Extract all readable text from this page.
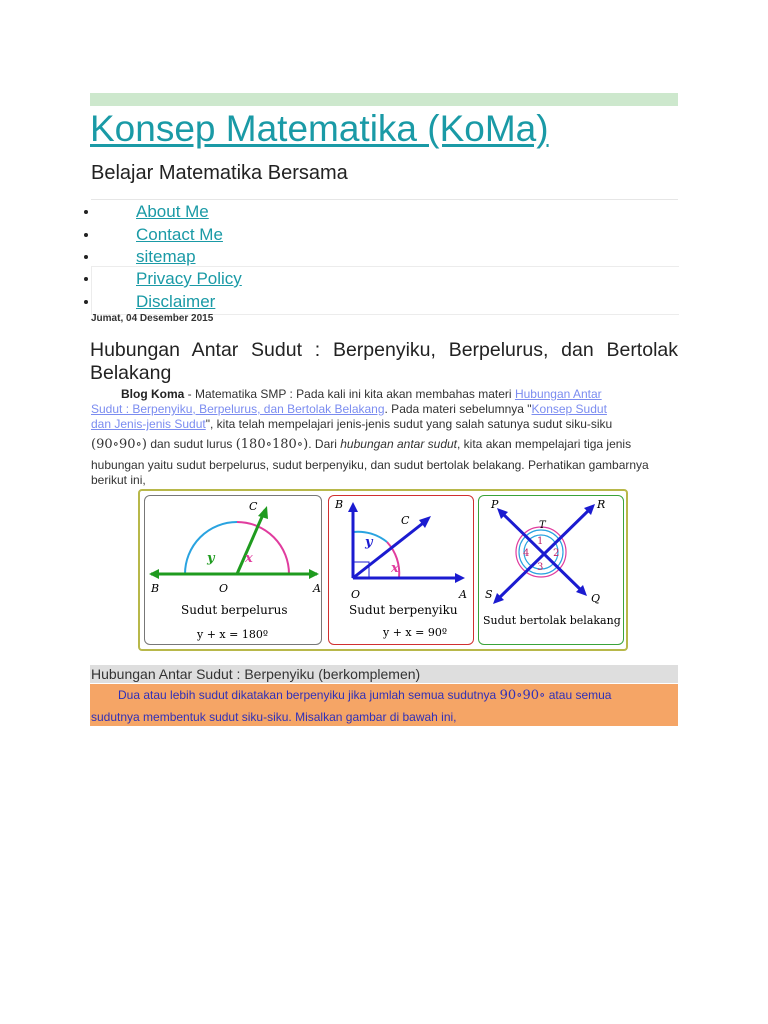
Konsep Matematika (KoMa)
Belajar Matematika Bersama
About Me
Contact Me
sitemap
Privacy Policy
Disclaimer
Jumat, 04 Desember 2015
Hubungan Antar Sudut : Berpenyiku, Berpelurus, dan Bertolak Belakang
Blog Koma - Matematika SMP : Pada kali ini kita akan membahas materi Hubungan Antar
Sudut : Berpenyiku, Berpelurus, dan Bertolak Belakang. Pada materi sebelumnya "Konsep Sudut
dan Jenis-jenis Sudut", kita telah mempelajari jenis-jenis sudut yang salah satunya sudut siku-siku
(90∘90∘) dan sudut lurus (180∘180∘). Dari hubungan antar sudut, kita akan mempelajari tiga jenis
hubungan yaitu sudut berpelurus, sudut berpenyiku, dan sudut bertolak belakang. Perhatikan gambarnya
berikut ini,
C
y x
B	O	A
Sudut berpelurus
y + x = 180º
B
C
y
x
O	A
Sudut berpenyiku
y + x = 90º
P	R
T
1
2
3
4
S	Q
Sudut bertolak belakang
Hubungan Antar Sudut : Berpenyiku (berkomplemen)
Dua atau lebih sudut dikatakan berpenyiku jika jumlah semua sudutnya 90∘90∘ atau semua
sudutnya membentuk sudut siku-siku. Misalkan gambar di bawah ini,
